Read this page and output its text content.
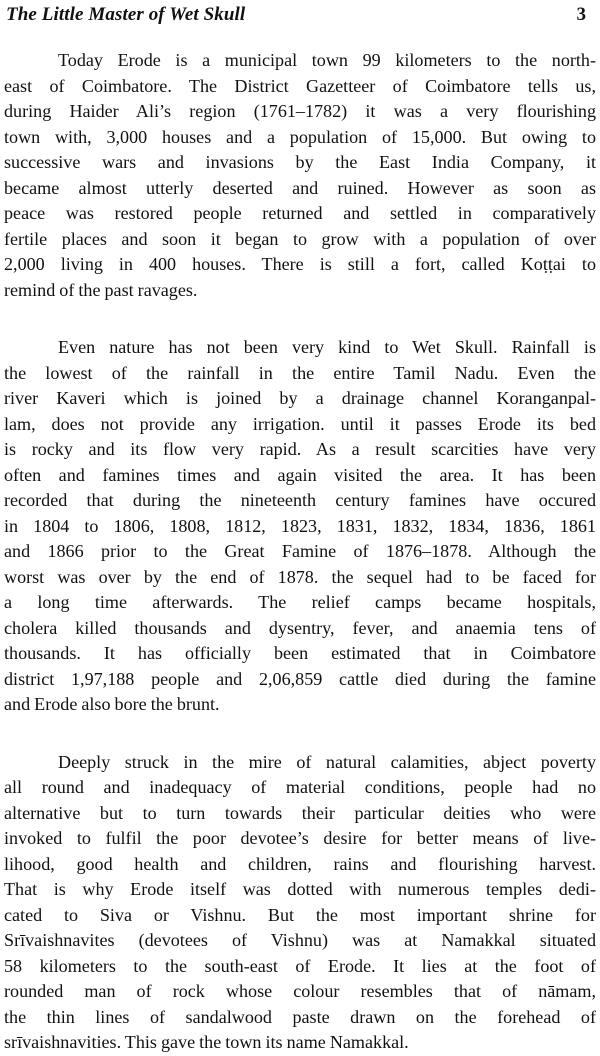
The Little Master of Wet Skull	3

Today Erode is a municipal town 99 kilometers to the north-
east of Coimbatore. The District Gazetteer of Coimbatore tells us,
during Haider Ali’s region (1761–1782) it was a very flourishing
town with, 3,000 houses and a population of 15,000. But owing to
successive wars and invasions by the East India Company, it
became almost utterly deserted and ruined. However as soon as
peace was restored people returned and settled in comparatively
fertile places and soon it began to grow with a population of over
2,000 living in 400 houses. There is still a fort, called Koṭṭai to
remind of the past ravages.

Even nature has not been very kind to Wet Skull. Rainfall is
the lowest of the rainfall in the entire Tamil Nadu. Even the
river Kaveri which is joined by a drainage channel Koranganpal-
lam, does not provide any irrigation. until it passes Erode its bed
is rocky and its flow very rapid. As a result scarcities have very
often and famines times and again visited the area. It has been
recorded that during the nineteenth century famines have occured
in 1804 to 1806, 1808, 1812, 1823, 1831, 1832, 1834, 1836, 1861
and 1866 prior to the Great Famine of 1876–1878. Although the
worst was over by the end of 1878. the sequel had to be faced for
a long time afterwards. The relief camps became hospitals,
cholera killed thousands and dysentry, fever, and anaemia tens of
thousands. It has officially been estimated that in Coimbatore
district 1,97,188 people and 2,06,859 cattle died during the famine
and Erode also bore the brunt.

Deeply struck in the mire of natural calamities, abject poverty
all round and inadequacy of material conditions, people had no
alternative but to turn towards their particular deities who were
invoked to fulfil the poor devotee’s desire for better means of live-
lihood, good health and children, rains and flourishing harvest.
That is why Erode itself was dotted with numerous temples dedi-
cated to Siva or Vishnu. But the most important shrine for
Srīvaishnavites (devotees of Vishnu) was at Namakkal situated
58 kilometers to the south-east of Erode. It lies at the foot of
rounded man of rock whose colour resembles that of nāmam,
the thin lines of sandalwood paste drawn on the forehead of
srīvaishnavities. This gave the town its name Namakkal.
